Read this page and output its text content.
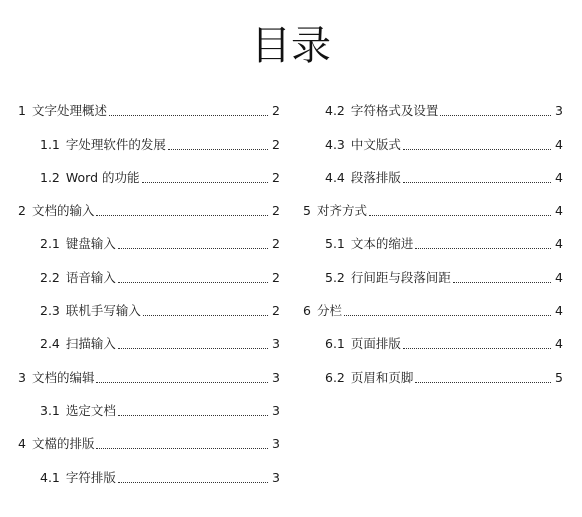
目录
1 文字处理概述	2
1.1 字处理软件的发展	2
1.2 Word 的功能	2
2 文档的输入	2
2.1 键盘输入	2
2.2 语音输入	2
2.3 联机手写输入	2
2.4 扫描输入	3
3 文档的编辑	3
3.1 选定文档	3
4 文檔的排版	3
4.1 字符排版	3
4.2 字符格式及设置	3
4.3 中文版式	4
4.4 段落排版	4
5 对齐方式	4
5.1 文本的缩进	4
5.2 行间距与段落间距	4
6 分栏	4
6.1 页面排版	4
6.2 页眉和页脚	5
